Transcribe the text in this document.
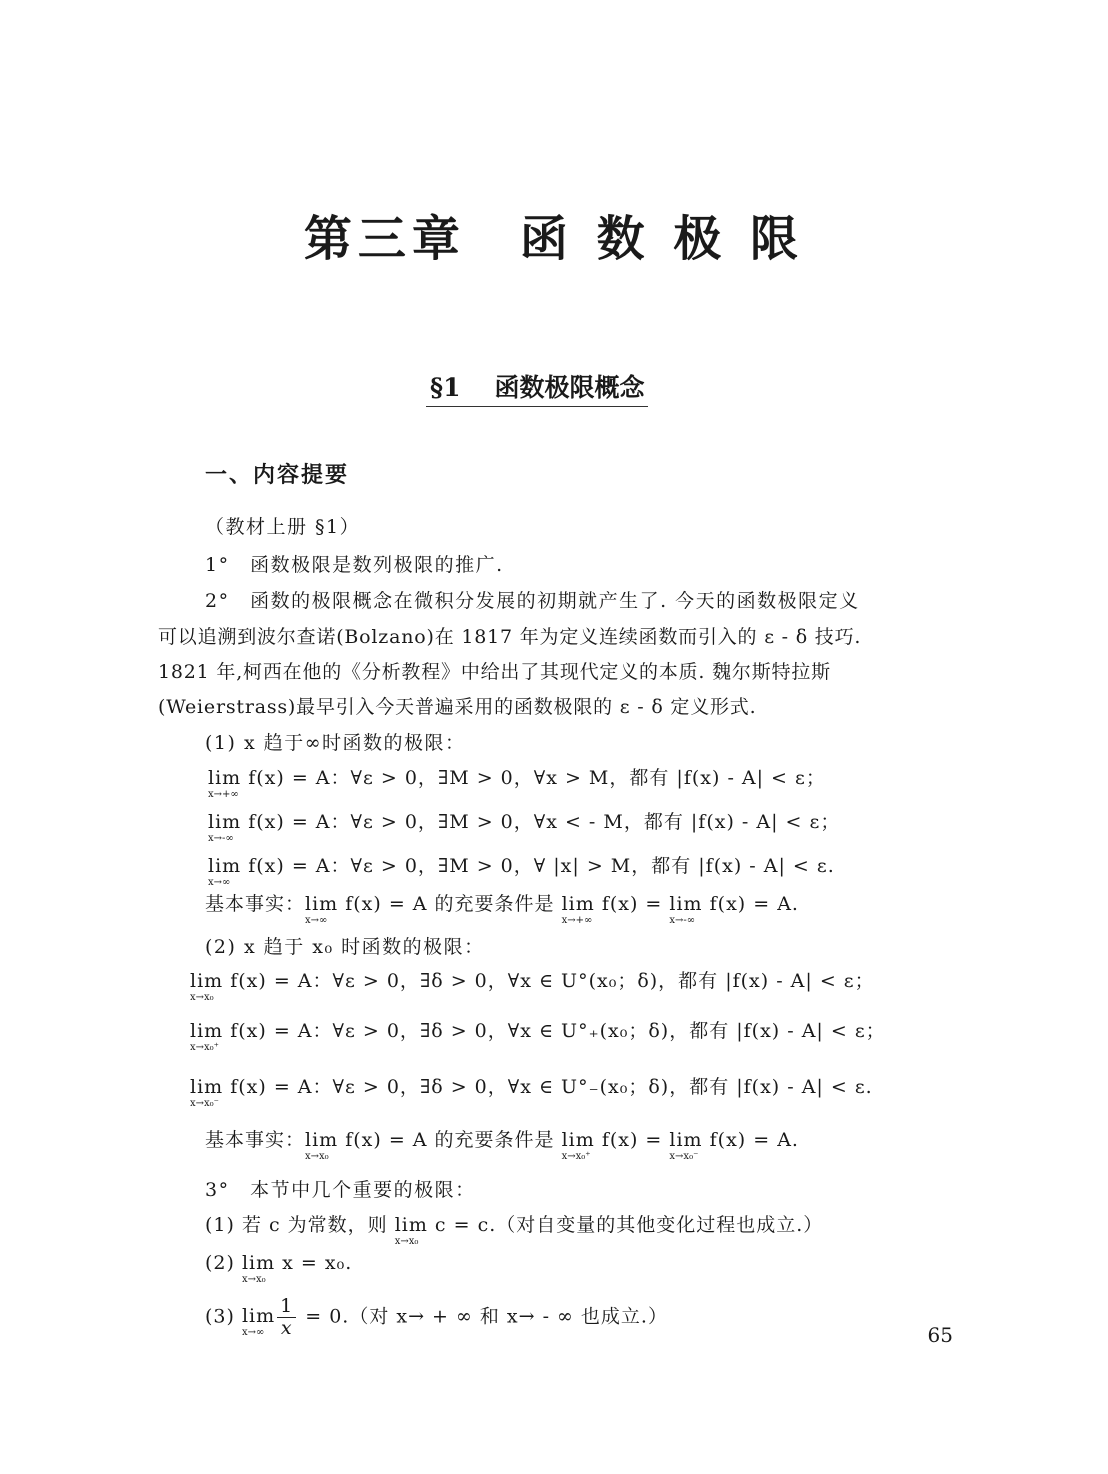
第三章　函 数 极 限
§1 函数极限概念
一、内容提要
（教材上册 §1）
1°　函数极限是数列极限的推广.
2°　函数的极限概念在微积分发展的初期就产生了. 今天的函数极限定义
可以追溯到波尔查诺(Bolzano)在 1817 年为定义连续函数而引入的 ε - δ 技巧.
1821 年,柯西在他的《分析教程》中给出了其现代定义的本质. 魏尔斯特拉斯
(Weierstrass)最早引入今天普遍采用的函数极限的 ε - δ 定义形式.
(1) x 趋于∞时函数的极限：
lim
x→+∞
f(x) = A：∀ε > 0，∃M > 0，∀x > M，都有 |f(x) - A| < ε；
lim
x→-∞
f(x) = A：∀ε > 0，∃M > 0，∀x < - M，都有 |f(x) - A| < ε；
lim
x→∞
f(x) = A：∀ε > 0，∃M > 0，∀ |x| > M，都有 |f(x) - A| < ε.
基本事实：lim
x→∞
f(x) = A 的充要条件是 lim
x→+∞
f(x) = lim
x→-∞
f(x) = A.
(2) x 趋于 x₀ 时函数的极限：
lim
x→x₀
f(x) = A：∀ε > 0，∃δ > 0，∀x ∈ U°(x₀；δ)，都有 |f(x) - A| < ε；
lim
x→x₀⁺
f(x) = A：∀ε > 0，∃δ > 0，∀x ∈ U°₊(x₀；δ)，都有 |f(x) - A| < ε；
lim
x→x₀⁻
f(x) = A：∀ε > 0，∃δ > 0，∀x ∈ U°₋(x₀；δ)，都有 |f(x) - A| < ε.
基本事实：lim
x→x₀
f(x) = A 的充要条件是 lim
x→x₀⁺
f(x) = lim
x→x₀⁻
f(x) = A.
3°　本节中几个重要的极限：
(1) 若 c 为常数，则 lim
x→x₀
c = c.（对自变量的其他变化过程也成立.）
(2) lim
x→x₀
x = x₀.
(3) lim
$x\to\infty \frac{1}{x} = 0$.（对 x→ + ∞ 和 x→ - ∞ 也成立.）
65
